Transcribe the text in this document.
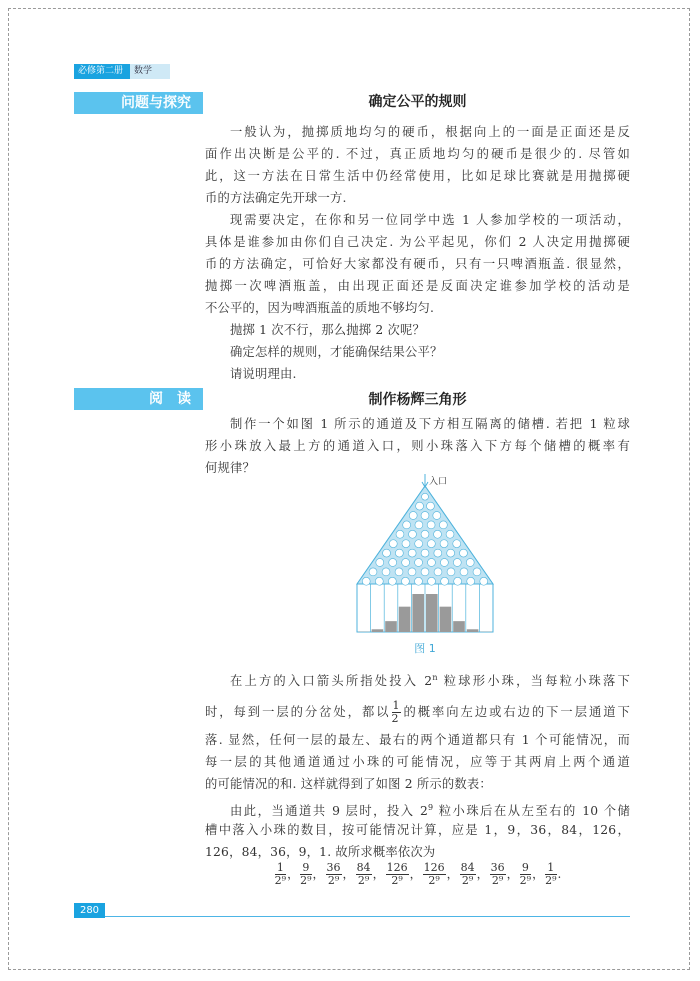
必修第二册	数学
问题与探究	确定公平的规则
一般认为，抛掷质地均匀的硬币，根据向上的一面是正面还是反
面作出决断是公平的. 不过，真正质地均匀的硬币是很少的. 尽管如
此，这一方法在日常生活中仍经常使用，比如足球比赛就是用抛掷硬
币的方法确定先开球一方.
现需要决定，在你和另一位同学中选 1 人参加学校的一项活动，
具体是谁参加由你们自己决定. 为公平起见，你们 2 人决定用抛掷硬
币的方法确定，可恰好大家都没有硬币，只有一只啤酒瓶盖. 很显然，
抛掷一次啤酒瓶盖，由出现正面还是反面决定谁参加学校的活动是
不公平的，因为啤酒瓶盖的质地不够均匀.
抛掷 1 次不行，那么抛掷 2 次呢？
确定怎样的规则，才能确保结果公平？
请说明理由.
阅　读	制作杨辉三角形
制作一个如图 1 所示的通道及下方相互隔离的储槽. 若把 1 粒球
形小珠放入最上方的通道入口，则小珠落入下方每个储槽的概率有
何规律？
入口
图 1
在上方的入口箭头所指处投入 2$^n$ 粒球形小珠，当每粒小珠落下
时，每到一层的分岔处，都以 $\frac{1}{2}$ 的概率向左边或右边的下一层通道下
落. 显然，任何一层的最左、最右的两个通道都只有 1 个可能情况，而
每一层的其他通道通过小珠的可能情况，应等于其两肩上两个通道
的可能情况的和. 这样就得到了如图 2 所示的数表：
由此，当通道共 9 层时，投入 $2^9$ 粒小珠后在从左至右的 10 个储
槽中落入小珠的数目，按可能情况计算，应是 1，9，36，84，126，
126，84，36，9，1. 故所求概率依次为
$\frac{1}{\text{2⁹}}$ ， $\frac{9}{\text{2⁹}}$ ， $\frac{36}{\text{2⁹}}$ ， $\frac{84}{\text{2⁹}}$ ， $\frac{126}{\text{2⁹}}$ ， $\frac{126}{\text{2⁹}}$ ， $\frac{84}{\text{2⁹}}$ ， $\frac{36}{\text{2⁹}}$ ， $\frac{9}{\text{2⁹}}$ ， $\frac{1}{\text{2⁹}}$ .
280
